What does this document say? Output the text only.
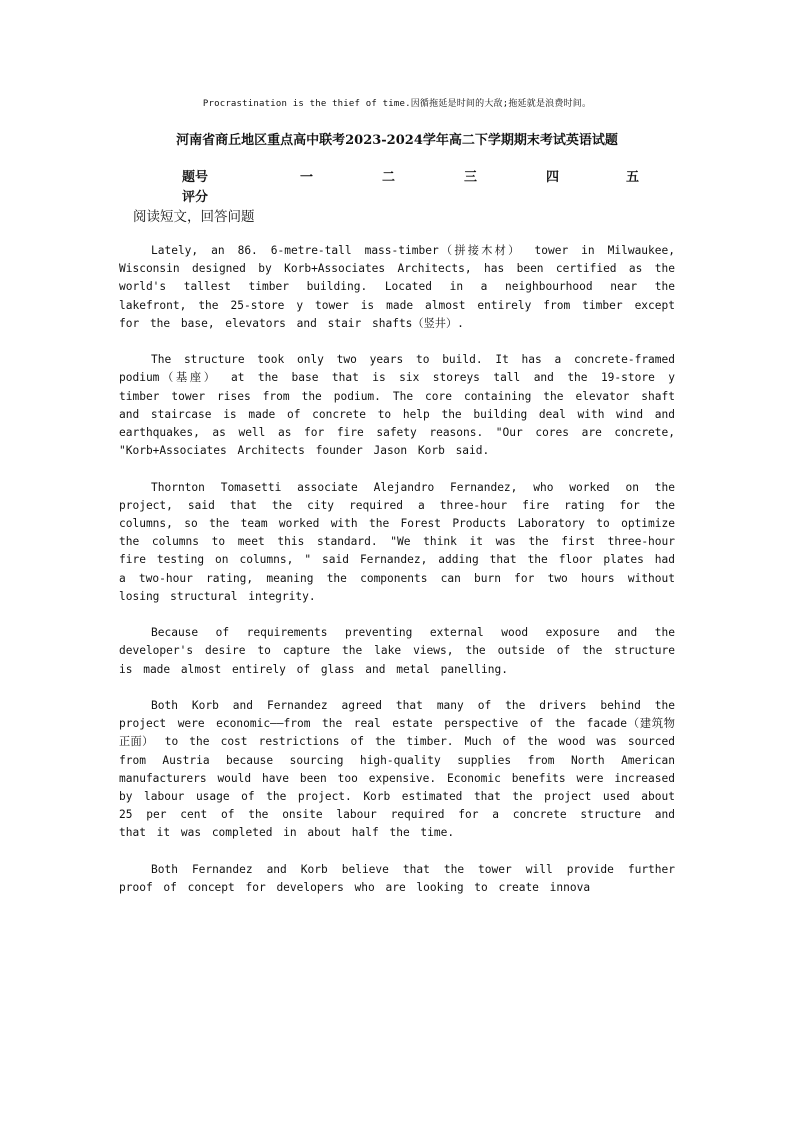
Procrastination is the thief of time.因循拖延是时间的大敌;拖延就是浪费时间。
河南省商丘地区重点高中联考2023-2024学年高二下学期期末考试英语试题
题号	一	二	三	四	五
评分
阅读短文，回答问题

Lately, an 86. 6-metre-tall mass-timber（拼接木材） tower in Milwaukee, Wisconsin designed by Korb+Associates Architects, has been certified as the world's tallest timber building. Located in a neighbourhood near the lakefront, the 25-store y tower is made almost entirely from timber except for the base, elevators and stair shafts（竖井）.

The structure took only two years to build. It has a concrete-framed podium（基座） at the base that is six storeys tall and the 19-store y timber tower rises from the podium. The core containing the elevator shaft and staircase is made of concrete to help the building deal with wind and earthquakes, as well as for fire safety reasons. "Our cores are concrete, "Korb+Associates Architects founder Jason Korb said.

Thornton Tomasetti associate Alejandro Fernandez, who worked on the project, said that the city required a three-hour fire rating for the columns, so the team worked with the Forest Products Laboratory to optimize the columns to meet this standard. "We think it was the first three-hour fire testing on columns, " said Fernandez, adding that the floor plates had a two-hour rating, meaning the components can burn for two hours without losing structural integrity.

Because of requirements preventing external wood exposure and the developer's desire to capture the lake views, the outside of the structure is made almost entirely of glass and metal panelling.

Both Korb and Fernandez agreed that many of the drivers behind the project were economic——from the real estate perspective of the facade（建筑物正面） to the cost restrictions of the timber. Much of the wood was sourced from Austria because sourcing high-quality supplies from North American manufacturers would have been too expensive. Economic benefits were increased by labour usage of the project. Korb estimated that the project used about 25 per cent of the onsite labour required for a concrete structure and that it was completed in about half the time.

Both Fernandez and Korb believe that the tower will provide further proof of concept for developers who are looking to create innova
